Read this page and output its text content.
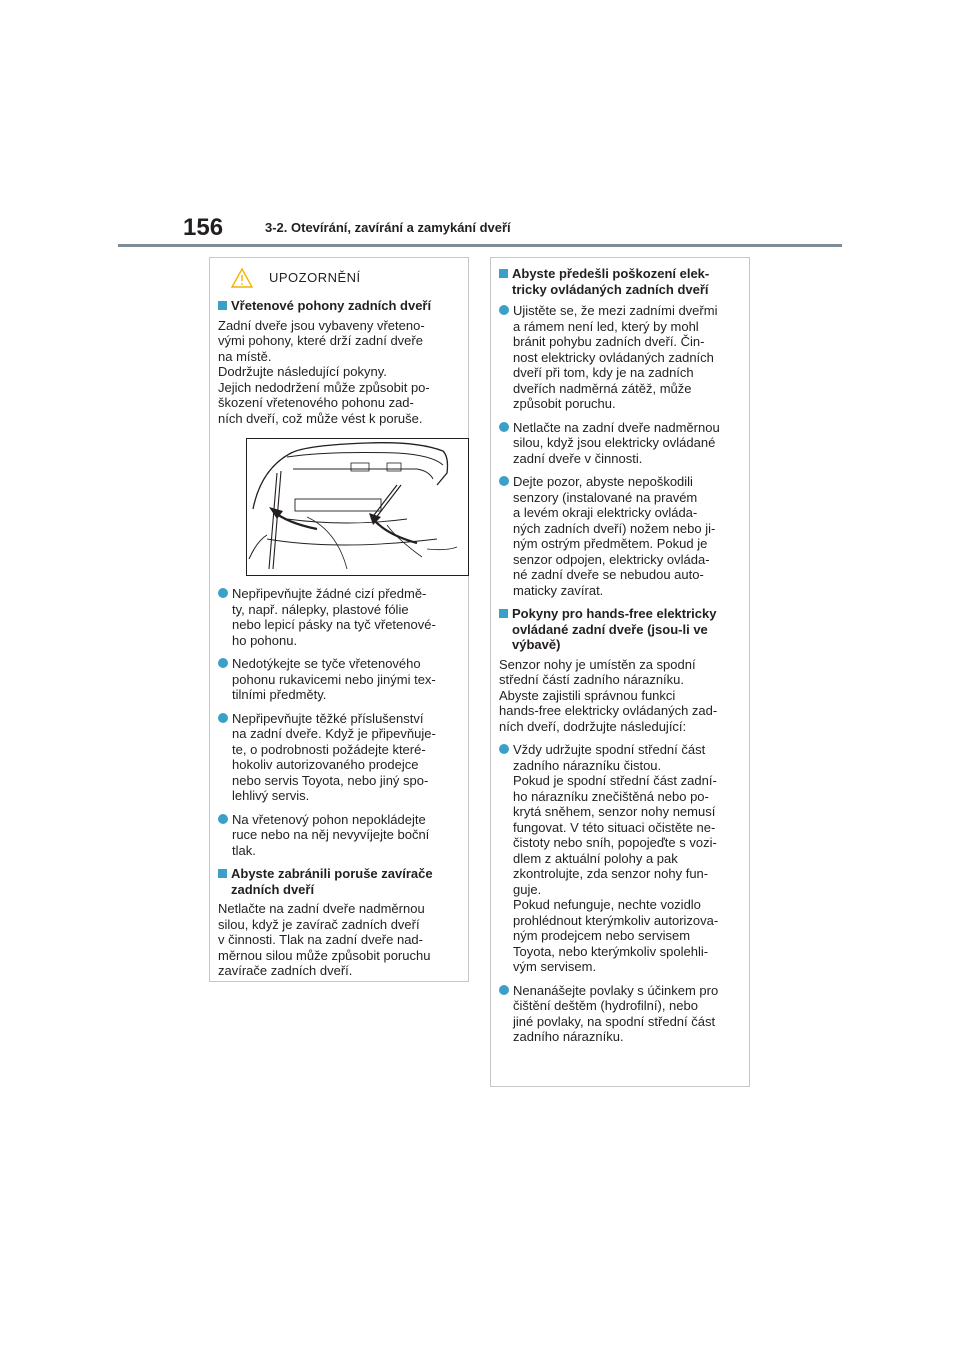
156	3-2. Otevírání, zavírání a zamykání dveří
UPOZORNĚNÍ
Vřetenové pohony zadních dveří
Zadní dveře jsou vybaveny vřeteno-
vými pohony, které drží zadní dveře
na místě.
Dodržujte následující pokyny.
Jejich nedodržení může způsobit po-
škození vřetenového pohonu zad-
ních dveří, což může vést k poruše.
Nepřipevňujte žádné cizí předmě-
ty, např. nálepky, plastové fólie
nebo lepicí pásky na tyč vřetenové-
ho pohonu.
Nedotýkejte se tyče vřetenového
pohonu rukavicemi nebo jinými tex-
tilními předměty.
Nepřipevňujte těžké příslušenství
na zadní dveře. Když je připevňuje-
te, o podrobnosti požádejte které-
hokoliv autorizovaného prodejce
nebo servis Toyota, nebo jiný spo-
lehlivý servis.
Na vřetenový pohon nepokládejte
ruce nebo na něj nevyvíjejte boční
tlak.
Abyste zabránili poruše zavírače
zadních dveří
Netlačte na zadní dveře nadměrnou
silou, když je zavírač zadních dveří
v činnosti. Tlak na zadní dveře nad-
měrnou silou může způsobit poruchu
zavírače zadních dveří.
Abyste předešli poškození elek-
tricky ovládaných zadních dveří
Ujistěte se, že mezi zadními dveřmi
a rámem není led, který by mohl
bránit pohybu zadních dveří. Čin-
nost elektricky ovládaných zadních
dveří při tom, kdy je na zadních
dveřích nadměrná zátěž, může
způsobit poruchu.
Netlačte na zadní dveře nadměrnou
silou, když jsou elektricky ovládané
zadní dveře v činnosti.
Dejte pozor, abyste nepoškodili
senzory (instalované na pravém
a levém okraji elektricky ovláda-
ných zadních dveří) nožem nebo ji-
ným ostrým předmětem. Pokud je
senzor odpojen, elektricky ovláda-
né zadní dveře se nebudou auto-
maticky zavírat.
Pokyny pro hands-free elektricky
ovládané zadní dveře (jsou-li ve
výbavě)
Senzor nohy je umístěn za spodní
střední částí zadního nárazníku.
Abyste zajistili správnou funkci
hands-free elektricky ovládaných zad-
ních dveří, dodržujte následující:
Vždy udržujte spodní střední část
zadního nárazníku čistou.
Pokud je spodní střední část zadní-
ho nárazníku znečištěná nebo po-
krytá sněhem, senzor nohy nemusí
fungovat. V této situaci očistěte ne-
čistoty nebo sníh, popojeďte s vozi-
dlem z aktuální polohy a pak
zkontrolujte, zda senzor nohy fun-
guje.
Pokud nefunguje, nechte vozidlo
prohlédnout kterýmkoliv autorizova-
ným prodejcem nebo servisem
Toyota, nebo kterýmkoliv spolehli-
vým servisem.
Nenanášejte povlaky s účinkem pro
čištění deštěm (hydrofilní), nebo
jiné povlaky, na spodní střední část
zadního nárazníku.
